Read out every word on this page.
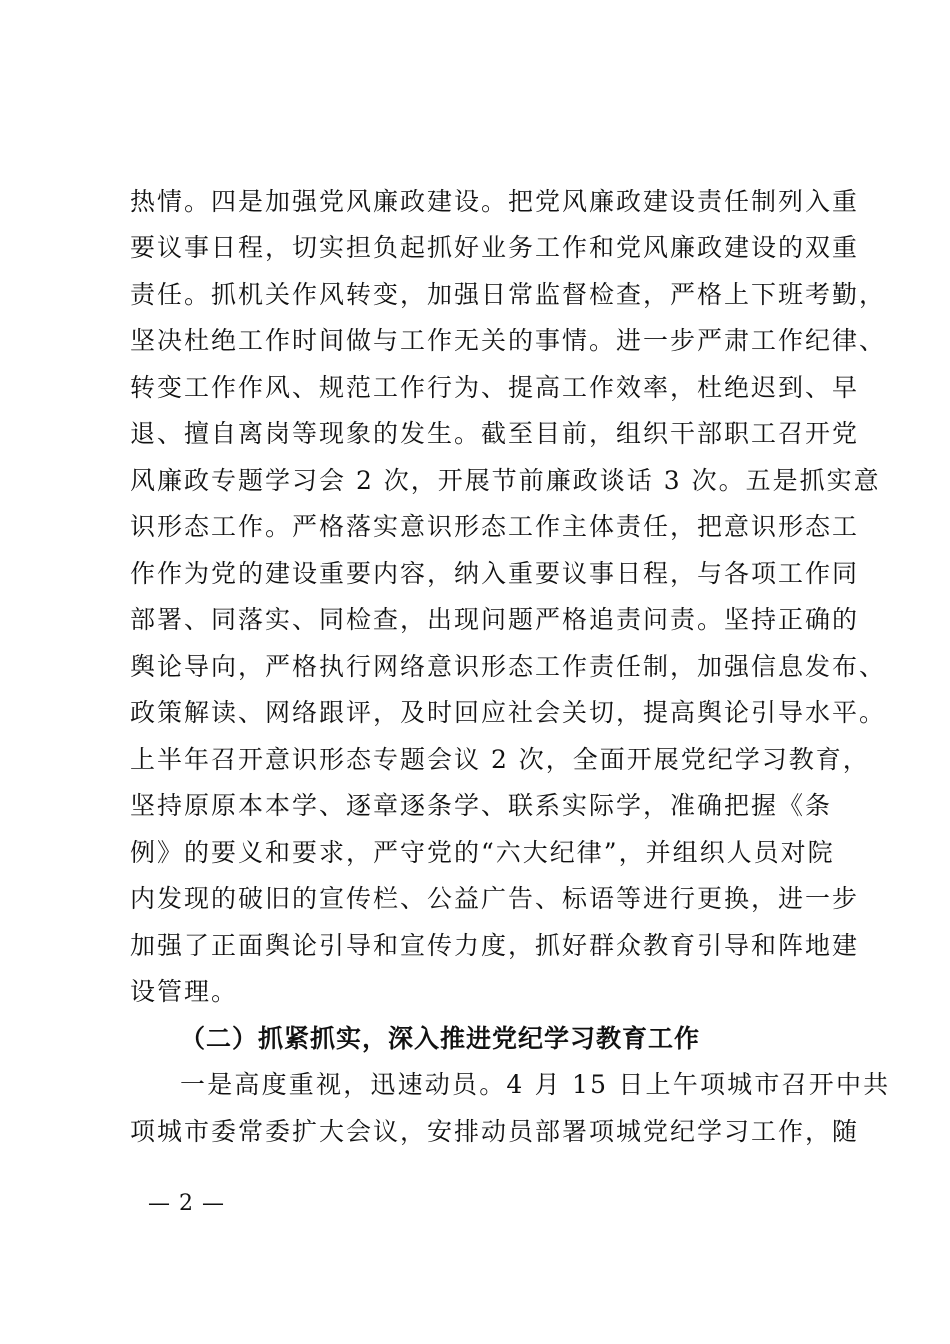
热情。四是加强党风廉政建设。把党风廉政建设责任制列入重
要议事日程，切实担负起抓好业务工作和党风廉政建设的双重
责任。抓机关作风转变，加强日常监督检查，严格上下班考勤，
坚决杜绝工作时间做与工作无关的事情。进一步严肃工作纪律、
转变工作作风、规范工作行为、提高工作效率，杜绝迟到、早
退、擅自离岗等现象的发生。截至目前，组织干部职工召开党
风廉政专题学习会 2 次，开展节前廉政谈话 3 次。五是抓实意
识形态工作。严格落实意识形态工作主体责任，把意识形态工
作作为党的建设重要内容，纳入重要议事日程，与各项工作同
部署、同落实、同检查，出现问题严格追责问责。坚持正确的
舆论导向，严格执行网络意识形态工作责任制，加强信息发布、
政策解读、网络跟评，及时回应社会关切，提高舆论引导水平。
上半年召开意识形态专题会议 2 次，全面开展党纪学习教育，
坚持原原本本学、逐章逐条学、联系实际学，准确把握《条
例》的要义和要求，严守党的“六大纪律”，并组织人员对院
内发现的破旧的宣传栏、公益广告、标语等进行更换，进一步
加强了正面舆论引导和宣传力度，抓好群众教育引导和阵地建
设管理。
（二）抓紧抓实，深入推进党纪学习教育工作
一是高度重视，迅速动员。4 月 15 日上午项城市召开中共
项城市委常委扩大会议，安排动员部署项城党纪学习工作，随
— 2 —
